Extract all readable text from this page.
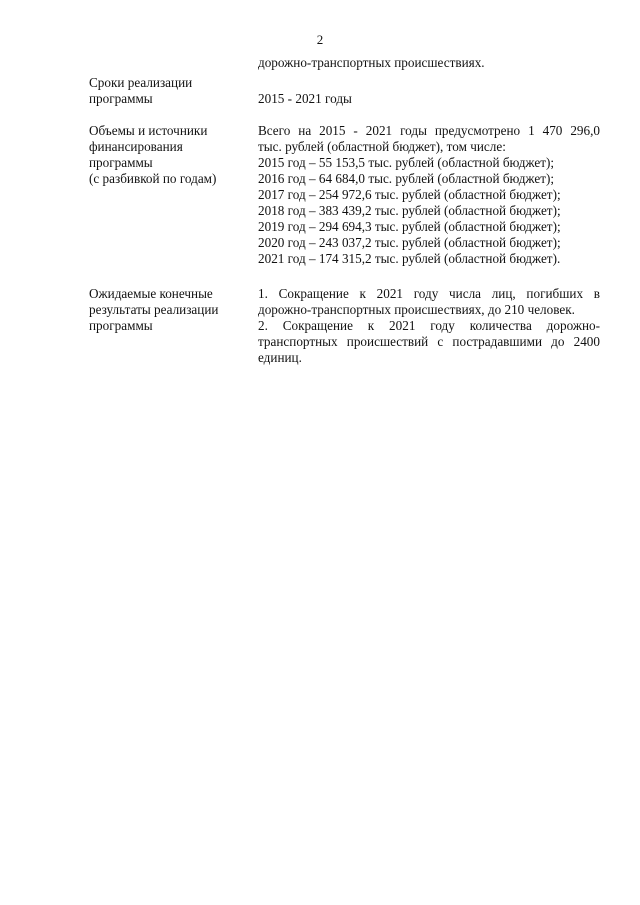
2
дорожно-транспортных происшествиях.
Сроки реализации
программы	2015 - 2021 годы
Объемы и источники
финансирования
программы
(с разбивкой по годам)
Всего на 2015 - 2021 годы предусмотрено 1 470 296,0
тыс. рублей (областной бюджет), том числе:
2015 год – 55 153,5 тыс. рублей (областной бюджет);
2016 год – 64 684,0 тыс. рублей (областной бюджет);
2017 год – 254 972,6 тыс. рублей (областной бюджет);
2018 год – 383 439,2 тыс. рублей (областной бюджет);
2019 год – 294 694,3 тыс. рублей (областной бюджет);
2020 год – 243 037,2 тыс. рублей (областной бюджет);
2021 год – 174 315,2 тыс. рублей (областной бюджет).
Ожидаемые конечные
результаты реализации
программы
1. Сокращение к 2021 году числа лиц, погибших в
дорожно-транспортных происшествиях, до 210 человек.
2. Сокращение к 2021 году количества дорожно-
транспортных происшествий с пострадавшими до 2400
единиц.
